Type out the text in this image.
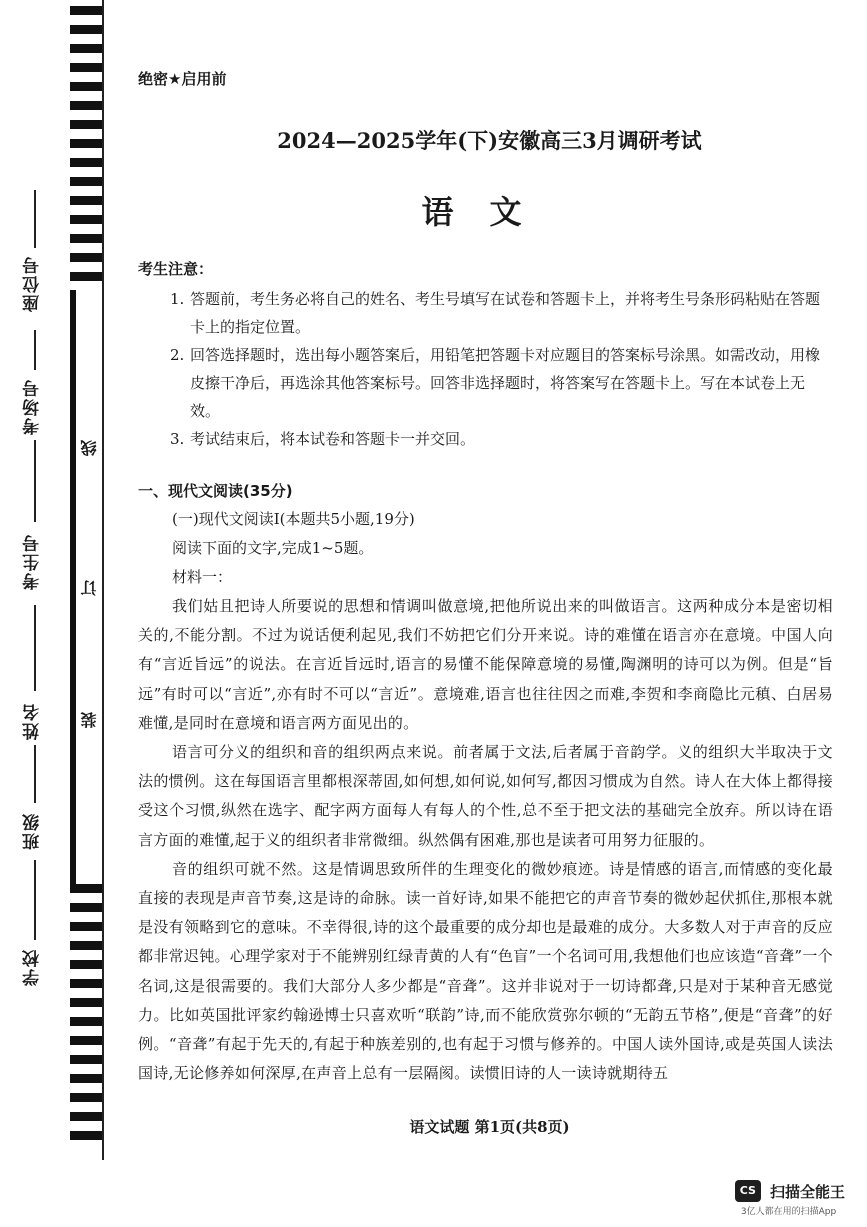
座位号
考场号
考生号
姓名
班级
学校
线
订
装
绝密★启用前
2024—2025学年(下)安徽高三3月调研考试
语文
考生注意：
1. 答题前，考生务必将自己的姓名、考生号填写在试卷和答题卡上，并将考生号条形码粘贴在答题卡上的指定位置。
2. 回答选择题时，选出每小题答案后，用铅笔把答题卡对应题目的答案标号涂黑。如需改动，用橡皮擦干净后，再选涂其他答案标号。回答非选择题时，将答案写在答题卡上。写在本试卷上无效。
3. 考试结束后，将本试卷和答题卡一并交回。
一、现代文阅读(35分)
(一)现代文阅读Ⅰ(本题共5小题,19分)
阅读下面的文字,完成1~5题。
材料一：

我们姑且把诗人所要说的思想和情调叫做意境,把他所说出来的叫做语言。这两种成分本是密切相关的,不能分割。不过为说话便利起见,我们不妨把它们分开来说。诗的难懂在语言亦在意境。中国人向有“言近旨远”的说法。在言近旨远时,语言的易懂不能保障意境的易懂,陶渊明的诗可以为例。但是“旨远”有时可以“言近”,亦有时不可以“言近”。意境难,语言也往往因之而难,李贺和李商隐比元稹、白居易难懂,是同时在意境和语言两方面见出的。

语言可分义的组织和音的组织两点来说。前者属于文法,后者属于音韵学。义的组织大半取决于文法的惯例。这在每国语言里都根深蒂固,如何想,如何说,如何写,都因习惯成为自然。诗人在大体上都得接受这个习惯,纵然在选字、配字两方面每人有每人的个性,总不至于把文法的基础完全放弃。所以诗在语言方面的难懂,起于义的组织者非常微细。纵然偶有困难,那也是读者可用努力征服的。

音的组织可就不然。这是情调思致所伴的生理变化的微妙痕迹。诗是情感的语言,而情感的变化最直接的表现是声音节奏,这是诗的命脉。读一首好诗,如果不能把它的声音节奏的微妙起伏抓住,那根本就是没有领略到它的意味。不幸得很,诗的这个最重要的成分却也是最难的成分。大多数人对于声音的反应都非常迟钝。心理学家对于不能辨别红绿青黄的人有“色盲”一个名词可用,我想他们也应该造“音聋”一个名词,这是很需要的。我们大部分人多少都是“音聋”。这并非说对于一切诗都聋,只是对于某种音无感觉力。比如英国批评家约翰逊博士只喜欢听“联韵”诗,而不能欣赏弥尔顿的“无韵五节格”,便是“音聋”的好例。“音聋”有起于先天的,有起于种族差别的,也有起于习惯与修养的。中国人读外国诗,或是英国人读法国诗,无论修养如何深厚,在声音上总有一层隔阂。读惯旧诗的人一读诗就期待五

语文试题 第1页(共8页)
CS 扫描全能王
3亿人都在用的扫描App
